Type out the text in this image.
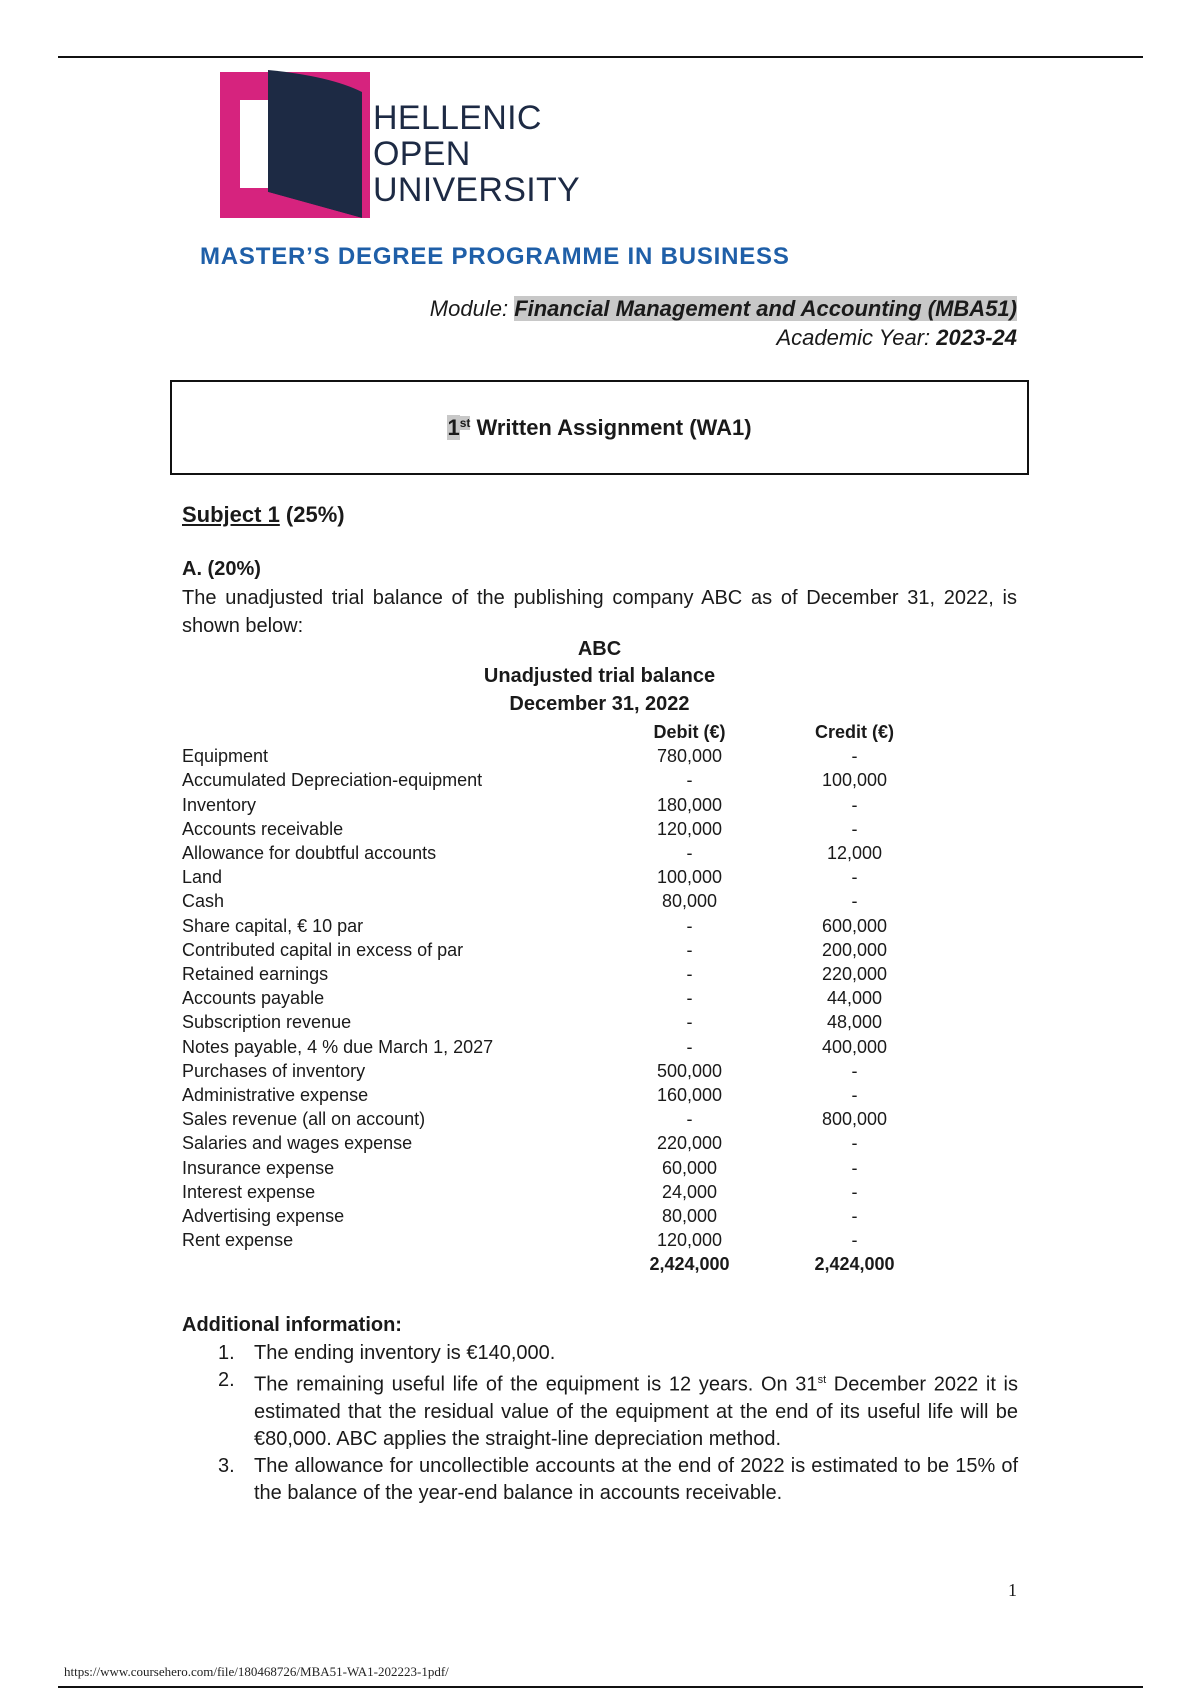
HELLENIC
OPEN
UNIVERSITY
MASTER’S DEGREE PROGRAMME IN BUSINESS
Module: Financial Management and Accounting (MBA51)
Academic Year: 2023-24
1st Written Assignment (WA1)
Subject 1 (25%)
A. (20%)
The unadjusted trial balance of the publishing company ABC as of December 31, 2022, is shown below:
ABC
Unadjusted trial balance
December 31, 2022
	Debit (€)		Credit (€)
Equipment	780,000		-
Accumulated Depreciation-equipment	-		100,000
Inventory	180,000		-
Accounts receivable	120,000		-
Allowance for doubtful accounts	-		12,000
Land	100,000		-
Cash	80,000		-
Share capital, € 10 par	-		600,000
Contributed capital in excess of par	-		200,000
Retained earnings	-		220,000
Accounts payable	-		44,000
Subscription revenue	-		48,000
Notes payable, 4 % due March 1, 2027	-		400,000
Purchases of inventory	500,000		-
Administrative expense	160,000		-
Sales revenue (all on account)	-		800,000
Salaries and wages expense	220,000		-
Insurance expense	60,000		-
Interest expense	24,000		-
Advertising expense	80,000		-
Rent expense	120,000		-
	2,424,000		2,424,000
Additional information:
1. The ending inventory is €140,000.
2. The remaining useful life of the equipment is 12 years. On 31st December 2022 it is estimated that the residual value of the equipment at the end of its useful life will be €80,000. ABC applies the straight-line depreciation method.
3. The allowance for uncollectible accounts at the end of 2022 is estimated to be 15% of the balance of the year-end balance in accounts receivable.
1
https://www.coursehero.com/file/180468726/MBA51-WA1-202223-1pdf/
